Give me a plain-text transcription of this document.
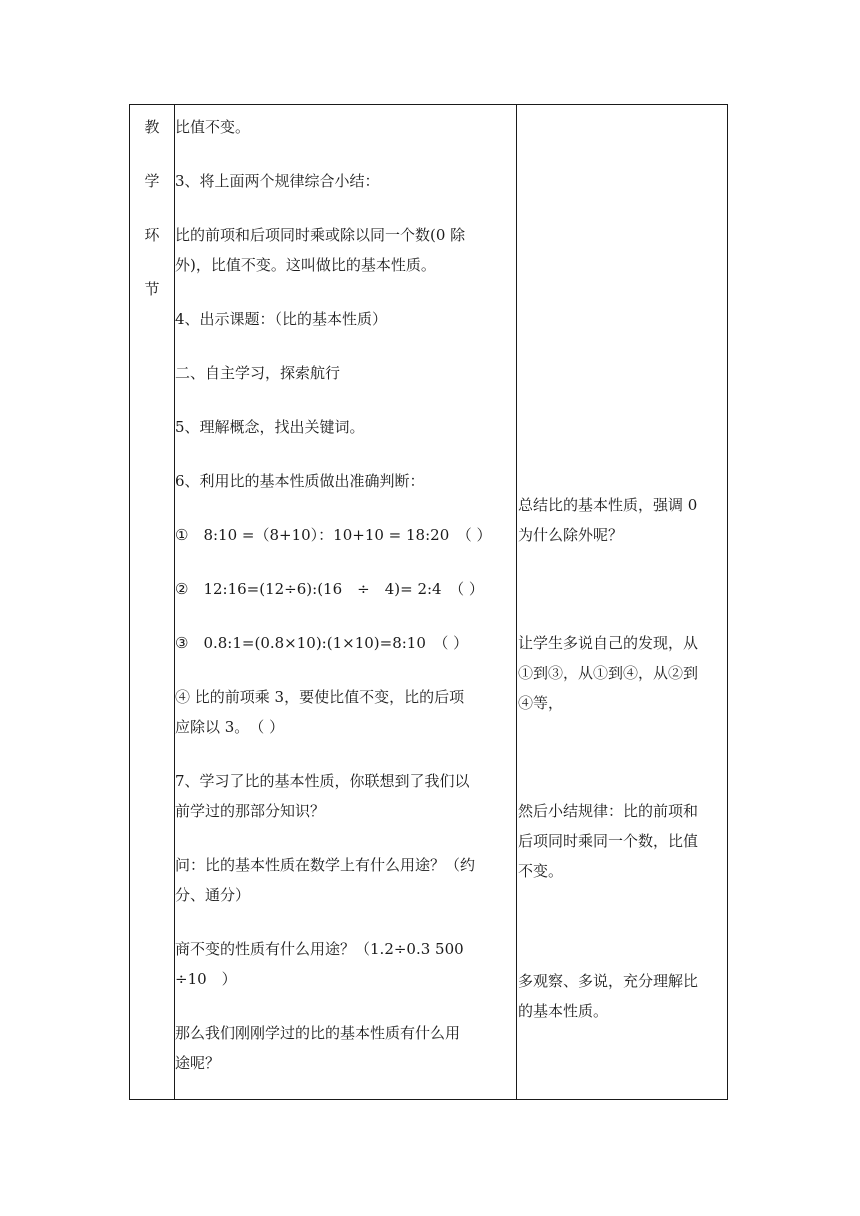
教
学
环
节
比值不变。
3、将上面两个规律综合小结：
比的前项和后项同时乘或除以同一个数(0 除
外)，比值不变。这叫做比的基本性质。
4、出示课题：（比的基本性质）
二、自主学习，探索航行
5、理解概念，找出关键词。
6、利用比的基本性质做出准确判断：
①　8:10 =（8+10）：10+10 = 18:20　（ ）
②　12:16=(12÷6):(16　÷　4)= 2:4　（ ）
③　0.8:1=(0.8×10):(1×10)=8:10　（ ）
④ 比的前项乘 3，要使比值不变，比的后项
应除以 3。　（ ）
7、学习了比的基本性质，你联想到了我们以
前学过的那部分知识？
问：比的基本性质在数学上有什么用途？（约
分、通分）
商不变的性质有什么用途？（1.2÷0.3 500
÷10　）
那么我们刚刚学过的比的基本性质有什么用
途呢？
总结比的基本性质，强调 0
为什么除外呢？
让学生多说自己的发现，从
①到③，从①到④，从②到
④等，
然后小结规律：比的前项和
后项同时乘同一个数，比值
不变。
多观察、多说，充分理解比
的基本性质。
